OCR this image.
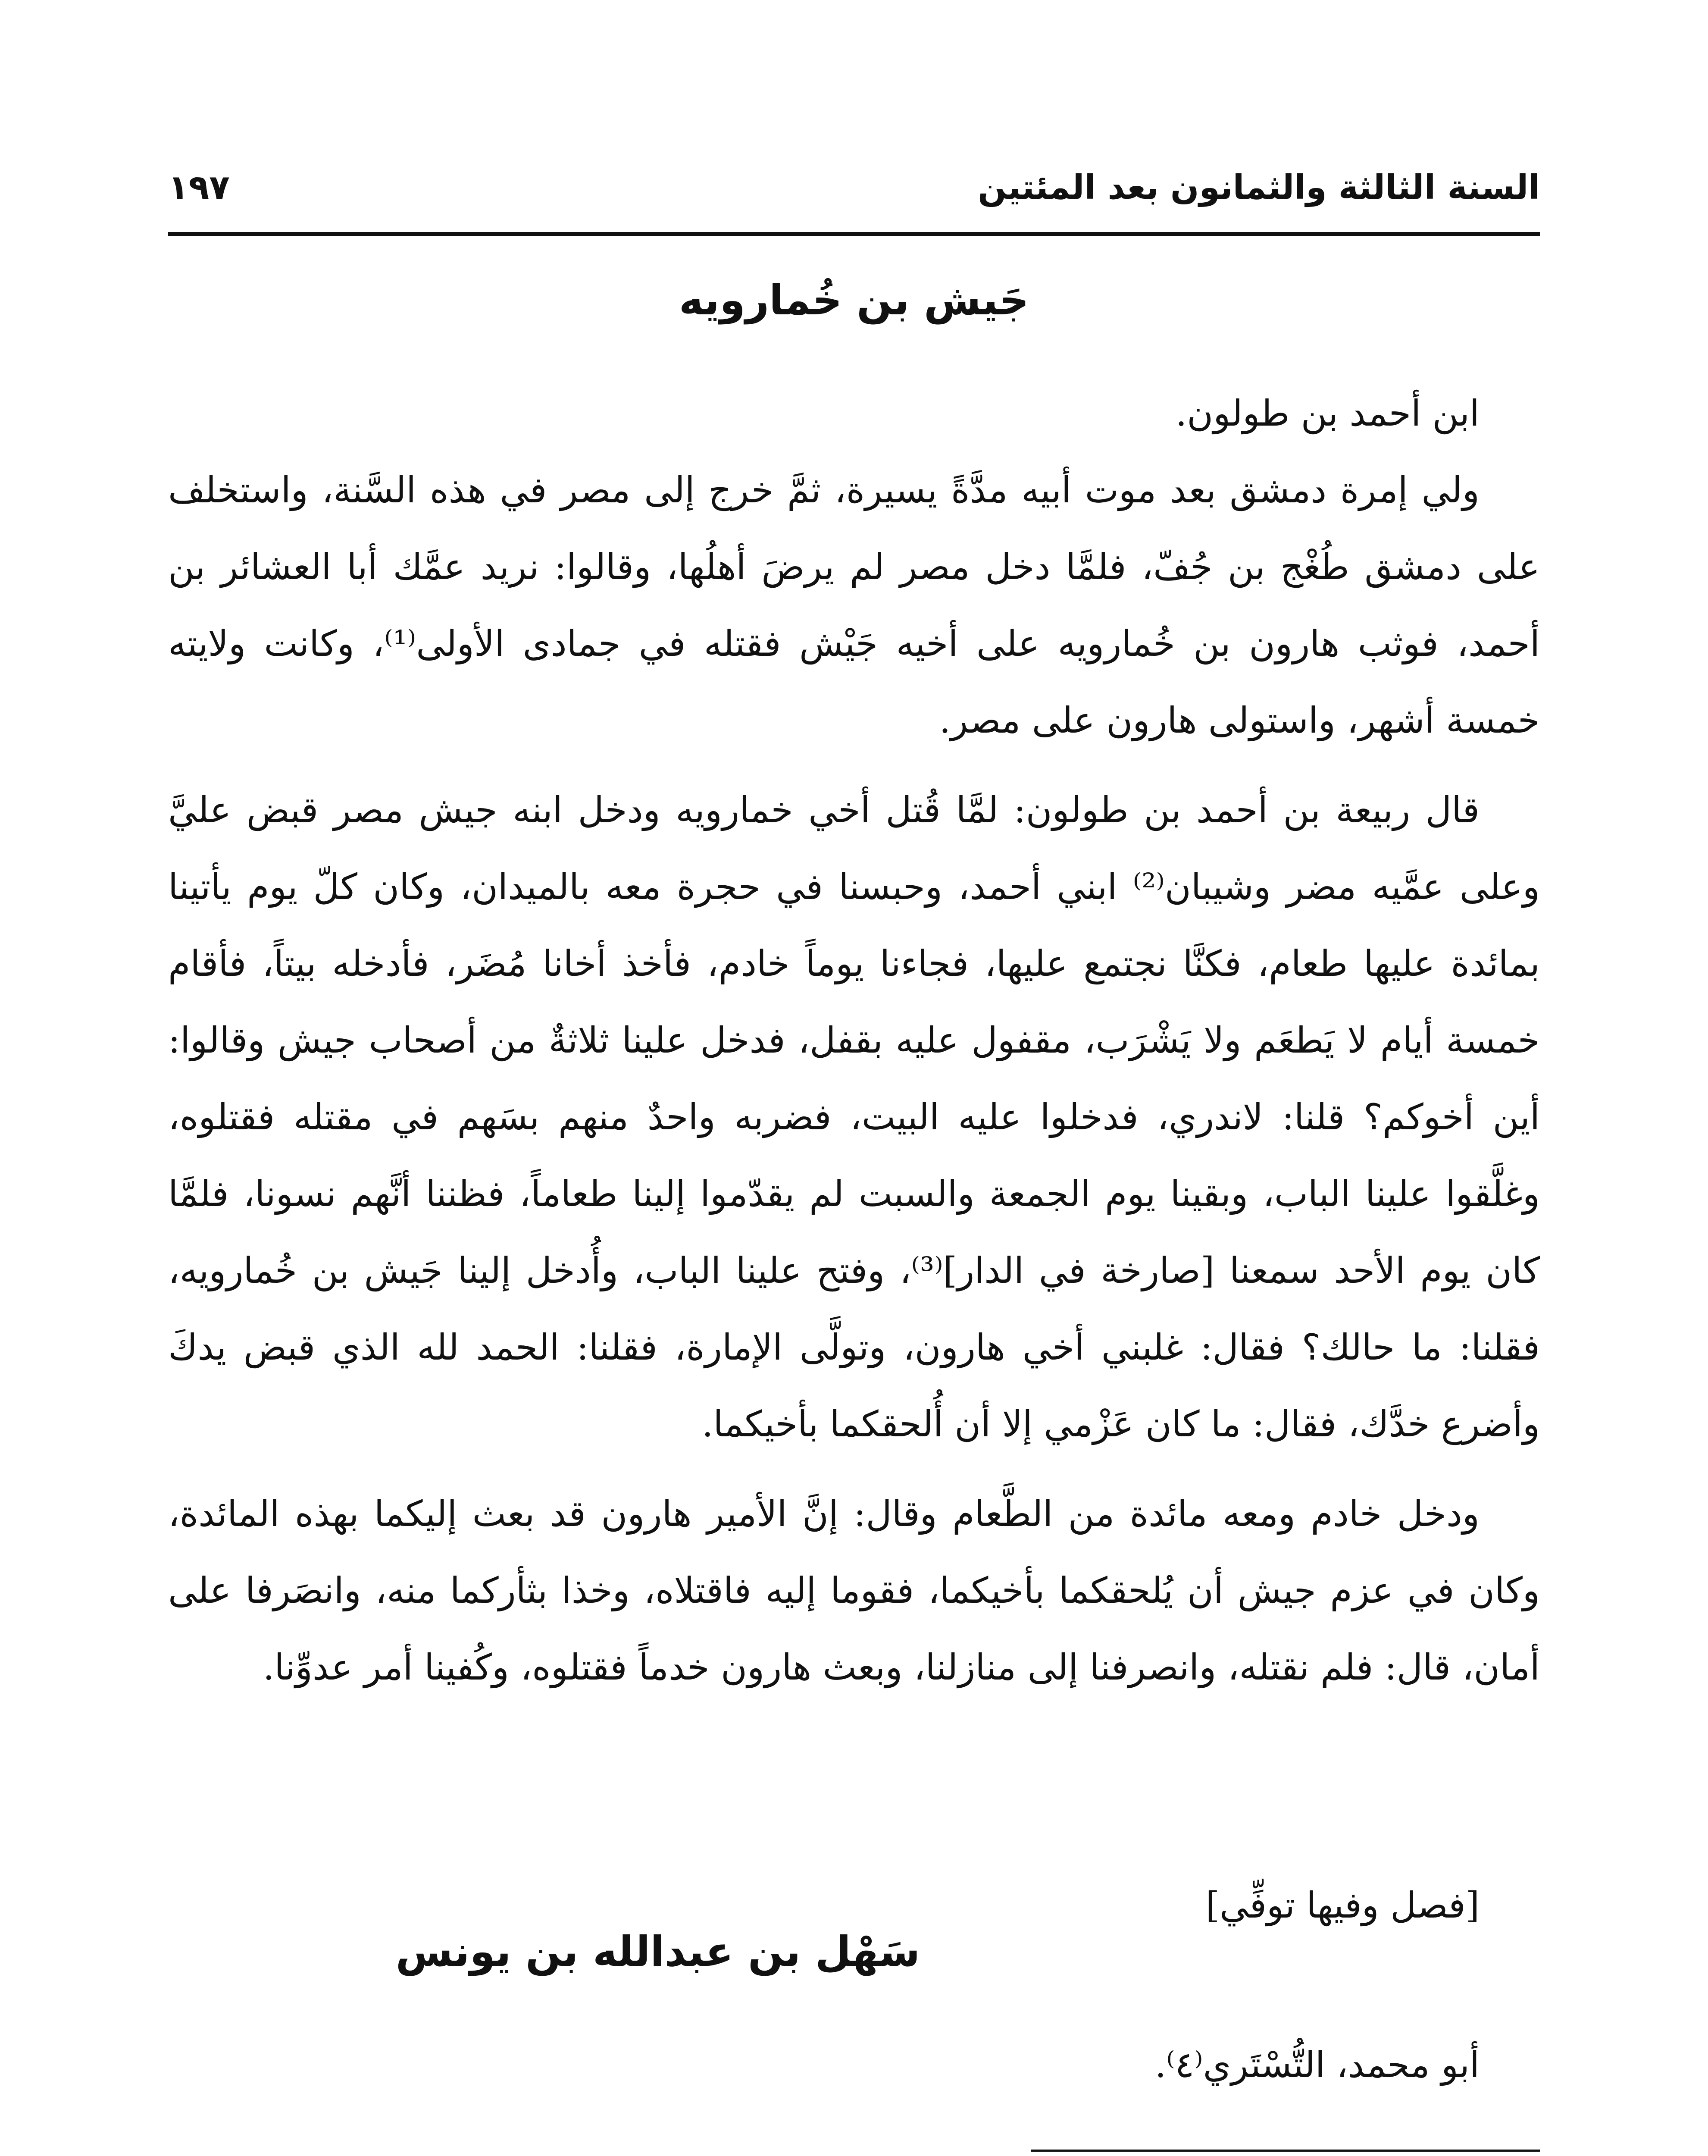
السنة الثالثة والثمانون بعد المئتين
١٩٧
جَيش بن خُمارويه

ابن أحمد بن طولون.

ولي إمرة دمشق بعد موت أبيه مدَّةً يسيرة، ثمَّ خرج إلى مصر في هذه السَّنة، واستخلف على دمشق طُغْج بن جُفّ، فلمَّا دخل مصر لم يرضَ أهلُها، وقالوا: نريد عمَّك أبا العشائر بن أحمد، فوثب هارون بن خُمارويه على أخيه جَيْش فقتله في جمادى الأولى⁽¹⁾، وكانت ولايته خمسة أشهر، واستولى هارون على مصر.

قال ربيعة بن أحمد بن طولون: لمَّا قُتل أخي خمارويه ودخل ابنه جيش مصر قبض عليَّ وعلى عمَّيه مضر وشيبان⁽²⁾ ابني أحمد، وحبسنا في حجرة معه بالميدان، وكان كلّ يوم يأتينا بمائدة عليها طعام، فكنَّا نجتمع عليها، فجاءنا يوماً خادم، فأخذ أخانا مُضَر، فأدخله بيتاً، فأقام خمسة أيام لا يَطعَم ولا يَشْرَب، مقفول عليه بقفل، فدخل علينا ثلاثةٌ من أصحاب جيش وقالوا: أين أخوكم؟ قلنا: لاندري، فدخلوا عليه البيت، فضربه واحدٌ منهم بسَهم في مقتله فقتلوه، وغلَّقوا علينا الباب، وبقينا يوم الجمعة والسبت لم يقدّموا إلينا طعاماً، فظننا أنَّهم نسونا، فلمَّا كان يوم الأحد سمعنا [صارخة في الدار]⁽³⁾، وفتح علينا الباب، وأُدخل إلينا جَيش بن خُمارويه، فقلنا: ما حالك؟ فقال: غلبني أخي هارون، وتولَّى الإمارة، فقلنا: الحمد لله الذي قبض يدكَ وأضرع خدَّك، فقال: ما كان عَزْمي إلا أن أُلحقكما بأخيكما.

ودخل خادم ومعه مائدة من الطَّعام وقال: إنَّ الأمير هارون قد بعث إليكما بهذه المائدة، وكان في عزم جيش أن يُلحقكما بأخيكما، فقوما إليه فاقتلاه، وخذا بثأركما منه، وانصَرفا على أمان، قال: فلم نقتله، وانصرفنا إلى منازلنا، وبعث هارون خدماً فقتلوه، وكُفينا أمر عدوِّنا.

[فصل وفيها توفِّي]
سَهْل بن عبدالله بن يونس
أبو محمد، التُّسْتَري⁽٤⁾.
